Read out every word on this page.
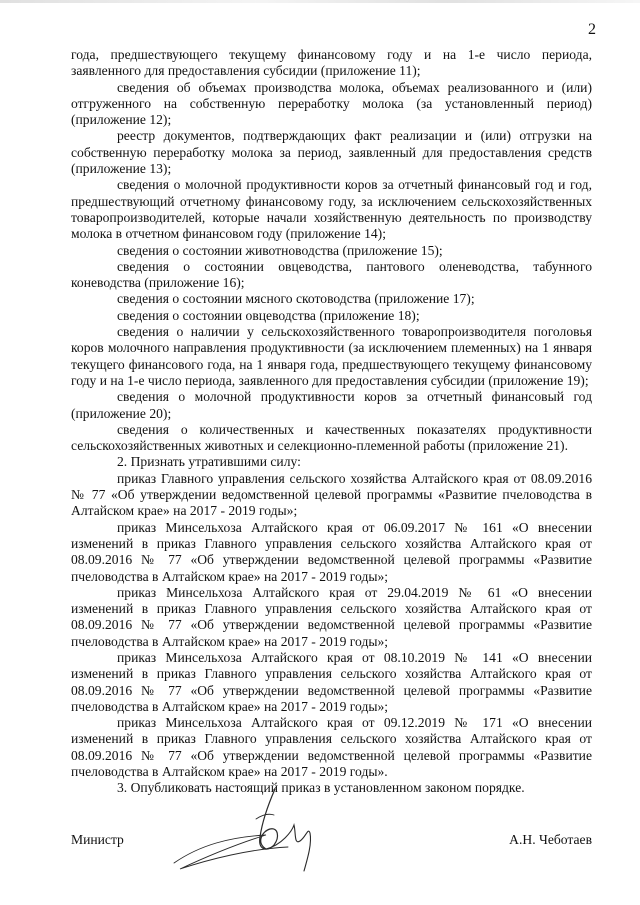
2

года, предшествующего текущему финансовому году и на 1-е число периода, заявленного для предоставления субсидии (приложение 11);

сведения об объемах производства молока, объемах реализованного и (или) отгруженного на собственную переработку молока (за установленный период) (приложение 12);

реестр документов, подтверждающих факт реализации и (или) отгрузки на собственную переработку молока за период, заявленный для предоставления средств (приложение 13);

сведения о молочной продуктивности коров за отчетный финансовый год и год, предшествующий отчетному финансовому году, за исключением сельскохозяйственных товаропроизводителей, которые начали хозяйственную деятельность по производству молока в отчетном финансовом году (приложение 14);

сведения о состоянии животноводства (приложение 15);

сведения о состоянии овцеводства, пантового оленеводства, табунного коневодства (приложение 16);

сведения о состоянии мясного скотоводства (приложение 17);

сведения о состоянии овцеводства (приложение 18);

сведения о наличии у сельскохозяйственного товаропроизводителя поголовья коров молочного направления продуктивности (за исключением племенных) на 1 января текущего финансового года, на 1 января года, предшествующего текущему финансовому году и на 1-е число периода, заявленного для предоставления субсидии (приложение 19);

сведения о молочной продуктивности коров за отчетный финансовый год (приложение 20);

сведения о количественных и качественных показателях продуктивности сельскохозяйственных животных и селекционно-племенной работы (приложение 21).

2. Признать утратившими силу:

приказ Главного управления сельского хозяйства Алтайского края от 08.09.2016 № 77 «Об утверждении ведомственной целевой программы «Развитие пчеловодства в Алтайском крае» на 2017 - 2019 годы»;

приказ Минсельхоза Алтайского края от 06.09.2017 № 161 «О внесении изменений в приказ Главного управления сельского хозяйства Алтайского края от 08.09.2016 № 77 «Об утверждении ведомственной целевой программы «Развитие пчеловодства в Алтайском крае» на 2017 - 2019 годы»;

приказ Минсельхоза Алтайского края от 29.04.2019 № 61 «О внесении изменений в приказ Главного управления сельского хозяйства Алтайского края от 08.09.2016 № 77 «Об утверждении ведомственной целевой программы «Развитие пчеловодства в Алтайском крае» на 2017 - 2019 годы»;

приказ Минсельхоза Алтайского края от 08.10.2019 № 141 «О внесении изменений в приказ Главного управления сельского хозяйства Алтайского края от 08.09.2016 № 77 «Об утверждении ведомственной целевой программы «Развитие пчеловодства в Алтайском крае» на 2017 - 2019 годы»;

приказ Минсельхоза Алтайского края от 09.12.2019 № 171 «О внесении изменений в приказ Главного управления сельского хозяйства Алтайского края от 08.09.2016 № 77 «Об утверждении ведомственной целевой программы «Развитие пчеловодства в Алтайском крае» на 2017 - 2019 годы».

3. Опубликовать настоящий приказ в установленном законом порядке.

Министр	А.Н. Чеботаев
